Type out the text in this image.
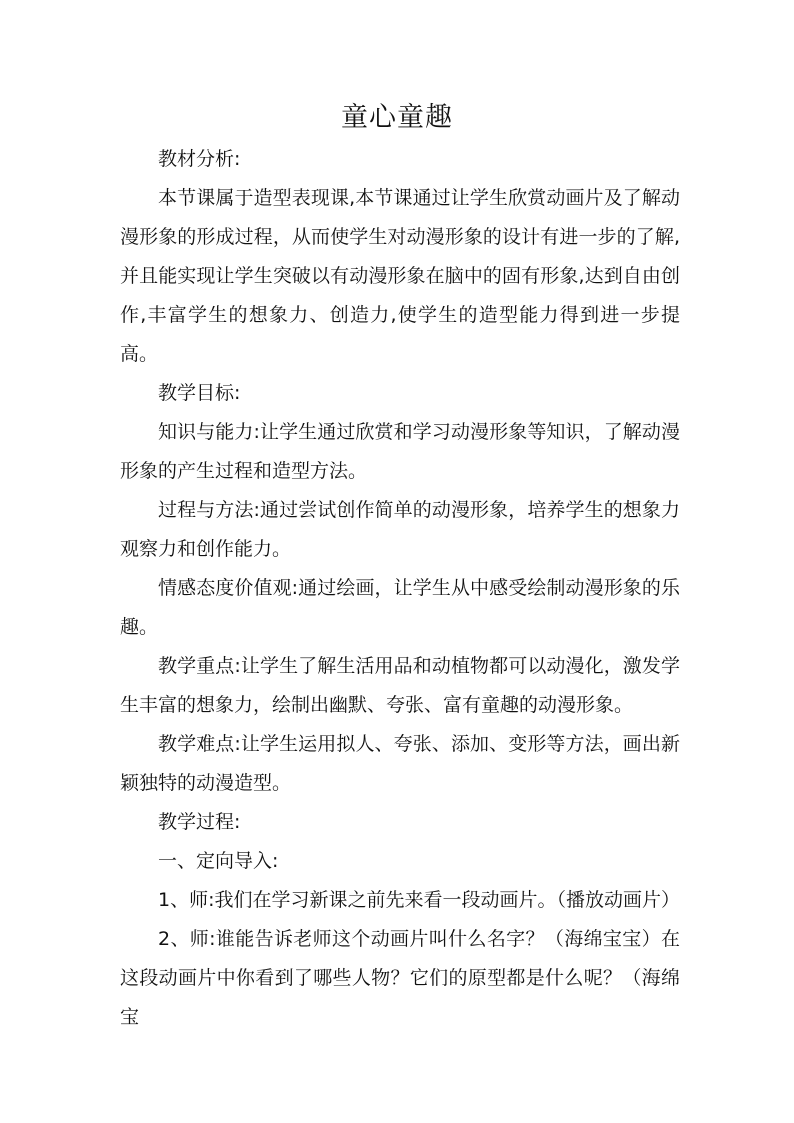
童心童趣

教材分析:

本节课属于造型表现课,本节课通过让学生欣赏动画片及了解动漫形象的形成过程，从而使学生对动漫形象的设计有进一步的了解,并且能实现让学生突破以有动漫形象在脑中的固有形象,达到自由创作,丰富学生的想象力、创造力,使学生的造型能力得到进一步提高。

教学目标:

知识与能力:让学生通过欣赏和学习动漫形象等知识，了解动漫形象的产生过程和造型方法。

过程与方法:通过尝试创作简单的动漫形象，培养学生的想象力观察力和创作能力。

情感态度价值观:通过绘画，让学生从中感受绘制动漫形象的乐趣。

教学重点:让学生了解生活用品和动植物都可以动漫化，激发学生丰富的想象力，绘制出幽默、夸张、富有童趣的动漫形象。

教学难点:让学生运用拟人、夸张、添加、变形等方法，画出新颖独特的动漫造型。

教学过程:

一、定向导入:

1、师:我们在学习新课之前先来看一段动画片。（播放动画片）

2、师:谁能告诉老师这个动画片叫什么名字？（海绵宝宝）在这段动画片中你看到了哪些人物？它们的原型都是什么呢？（海绵宝
